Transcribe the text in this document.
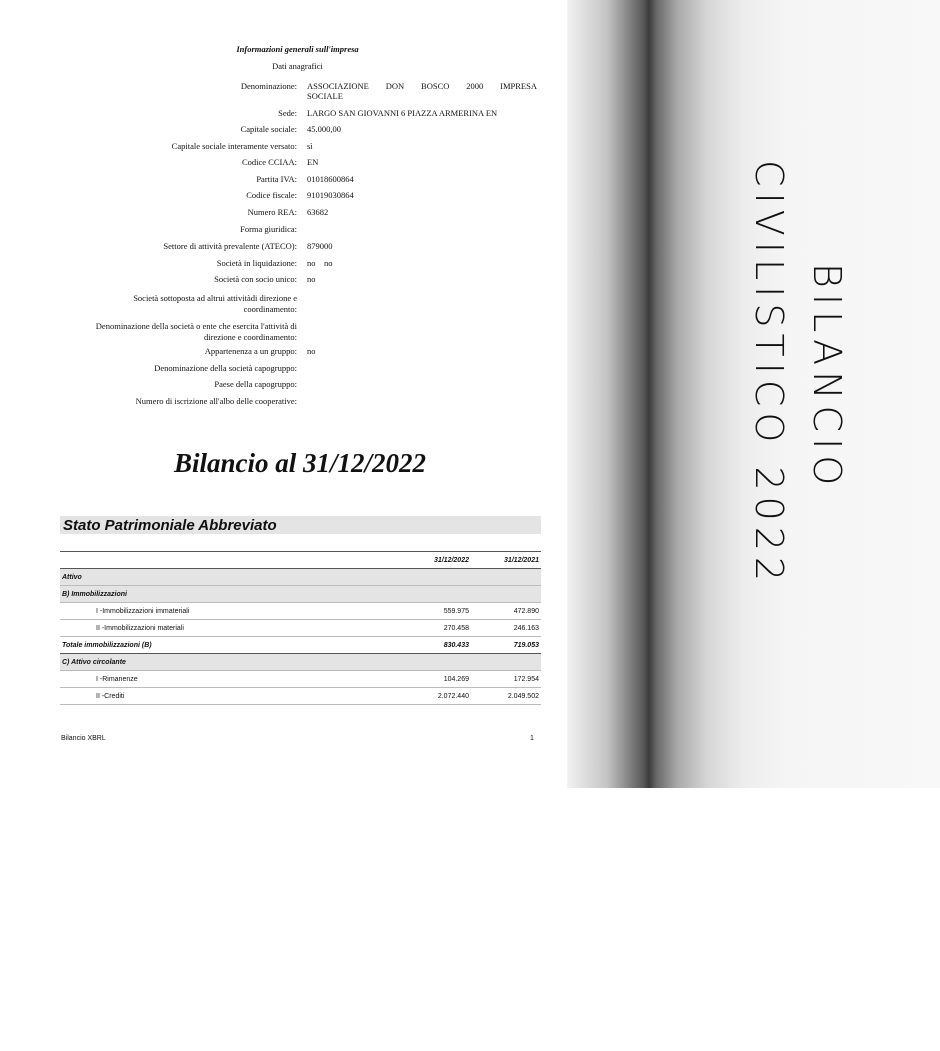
Informazioni generali sull'impresa
Dati anagrafici
Denominazione: ASSOCIAZIONE DON BOSCO 2000 IMPRESA
SOCIALE
Sede: LARGO SAN GIOVANNI 6 PIAZZA ARMERINA EN
Capitale sociale: 45.000,00
Capitale sociale interamente versato: sì
Codice CCIAA: EN
Partita IVA: 01018600864
Codice fiscale: 91019030864
Numero REA: 63682
Forma giuridica:
Settore di attività prevalente (ATECO): 879000
Società in liquidazione: no    no
Società con socio unico: no
Società sottoposta ad altrui attivitàdi direzione e
coordinamento:
Denominazione della società o ente che esercita l'attività di
direzione e coordinamento:
Appartenenza a un gruppo: no
Denominazione della società capogruppo:
Paese della capogruppo:
Numero di iscrizione all'albo delle cooperative:
Bilancio al 31/12/2022
Stato Patrimoniale Abbreviato
	31/12/2022	31/12/2021
Attivo		
B) Immobilizzazioni		
I -Immobilizzazioni immateriali	559.975	472.890
II -Immobilizzazioni materiali	270.458	246.163
Totale immobilizzazioni (B)	830.433	719.053
C) Attivo circolante		
I -Rimanenze	104.269	172.954
II -Crediti	2.072.440	2.049.502
Bilancio XBRL	1
CIVILISTICO 2022 BILANCIO
